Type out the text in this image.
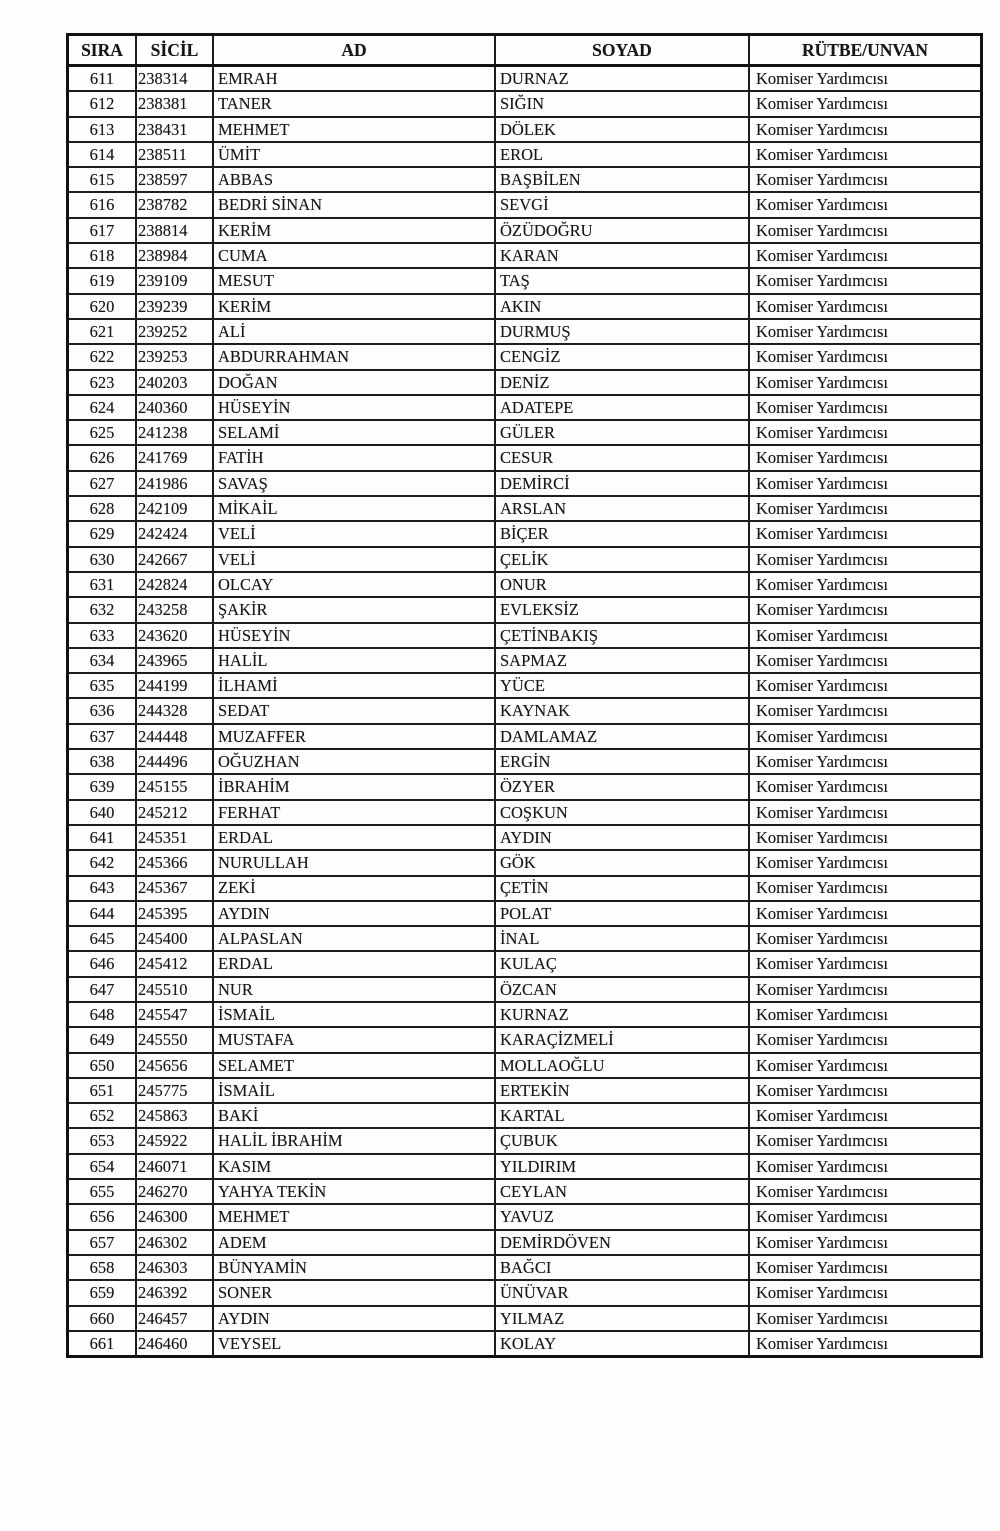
SIRA	SİCİL	AD	SOYAD	RÜTBE/UNVAN
611	238314	EMRAH	DURNAZ	Komiser Yardımcısı
612	238381	TANER	SIĞIN	Komiser Yardımcısı
613	238431	MEHMET	DÖLEK	Komiser Yardımcısı
614	238511	ÜMİT	EROL	Komiser Yardımcısı
615	238597	ABBAS	BAŞBİLEN	Komiser Yardımcısı
616	238782	BEDRİ SİNAN	SEVGİ	Komiser Yardımcısı
617	238814	KERİM	ÖZÜDOĞRU	Komiser Yardımcısı
618	238984	CUMA	KARAN	Komiser Yardımcısı
619	239109	MESUT	TAŞ	Komiser Yardımcısı
620	239239	KERİM	AKIN	Komiser Yardımcısı
621	239252	ALİ	DURMUŞ	Komiser Yardımcısı
622	239253	ABDURRAHMAN	CENGİZ	Komiser Yardımcısı
623	240203	DOĞAN	DENİZ	Komiser Yardımcısı
624	240360	HÜSEYİN	ADATEPE	Komiser Yardımcısı
625	241238	SELAMİ	GÜLER	Komiser Yardımcısı
626	241769	FATİH	CESUR	Komiser Yardımcısı
627	241986	SAVAŞ	DEMİRCİ	Komiser Yardımcısı
628	242109	MİKAİL	ARSLAN	Komiser Yardımcısı
629	242424	VELİ	BİÇER	Komiser Yardımcısı
630	242667	VELİ	ÇELİK	Komiser Yardımcısı
631	242824	OLCAY	ONUR	Komiser Yardımcısı
632	243258	ŞAKİR	EVLEKSİZ	Komiser Yardımcısı
633	243620	HÜSEYİN	ÇETİNBAKIŞ	Komiser Yardımcısı
634	243965	HALİL	SAPMAZ	Komiser Yardımcısı
635	244199	İLHAMİ	YÜCE	Komiser Yardımcısı
636	244328	SEDAT	KAYNAK	Komiser Yardımcısı
637	244448	MUZAFFER	DAMLAMAZ	Komiser Yardımcısı
638	244496	OĞUZHAN	ERGİN	Komiser Yardımcısı
639	245155	İBRAHİM	ÖZYER	Komiser Yardımcısı
640	245212	FERHAT	COŞKUN	Komiser Yardımcısı
641	245351	ERDAL	AYDIN	Komiser Yardımcısı
642	245366	NURULLAH	GÖK	Komiser Yardımcısı
643	245367	ZEKİ	ÇETİN	Komiser Yardımcısı
644	245395	AYDIN	POLAT	Komiser Yardımcısı
645	245400	ALPASLAN	İNAL	Komiser Yardımcısı
646	245412	ERDAL	KULAÇ	Komiser Yardımcısı
647	245510	NUR	ÖZCAN	Komiser Yardımcısı
648	245547	İSMAİL	KURNAZ	Komiser Yardımcısı
649	245550	MUSTAFA	KARAÇİZMELİ	Komiser Yardımcısı
650	245656	SELAMET	MOLLAOĞLU	Komiser Yardımcısı
651	245775	İSMAİL	ERTEKİN	Komiser Yardımcısı
652	245863	BAKİ	KARTAL	Komiser Yardımcısı
653	245922	HALİL İBRAHİM	ÇUBUK	Komiser Yardımcısı
654	246071	KASIM	YILDIRIM	Komiser Yardımcısı
655	246270	YAHYA TEKİN	CEYLAN	Komiser Yardımcısı
656	246300	MEHMET	YAVUZ	Komiser Yardımcısı
657	246302	ADEM	DEMİRDÖVEN	Komiser Yardımcısı
658	246303	BÜNYAMİN	BAĞCI	Komiser Yardımcısı
659	246392	SONER	ÜNÜVAR	Komiser Yardımcısı
660	246457	AYDIN	YILMAZ	Komiser Yardımcısı
661	246460	VEYSEL	KOLAY	Komiser Yardımcısı
